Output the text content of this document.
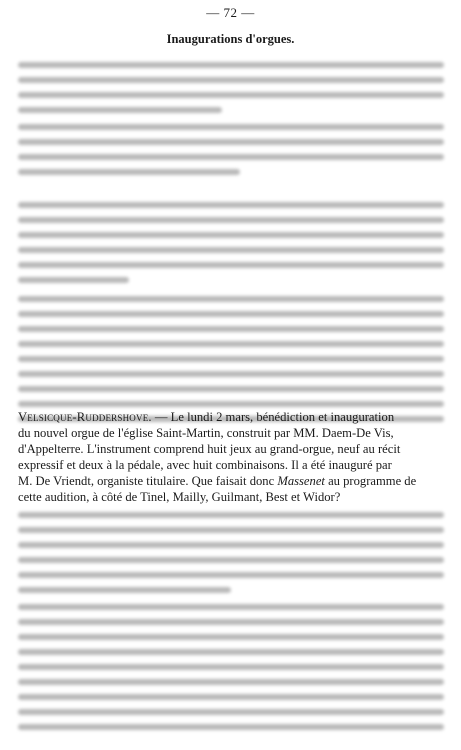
— 72 —
Inaugurations d'orgues.
Velsicque-Ruddershove. — Le lundi 2 mars, bénédiction et inauguration
du nouvel orgue de l'église Saint-Martin, construit par MM. Daem-De Vis,
d'Appelterre. L'instrument comprend huit jeux au grand-orgue, neuf au récit
expressif et deux à la pédale, avec huit combinaisons. Il a été inauguré par
M. De Vriendt, organiste titulaire. Que faisait donc Massenet au programme de
cette audition, à côté de Tinel, Mailly, Guilmant, Best et Widor?
